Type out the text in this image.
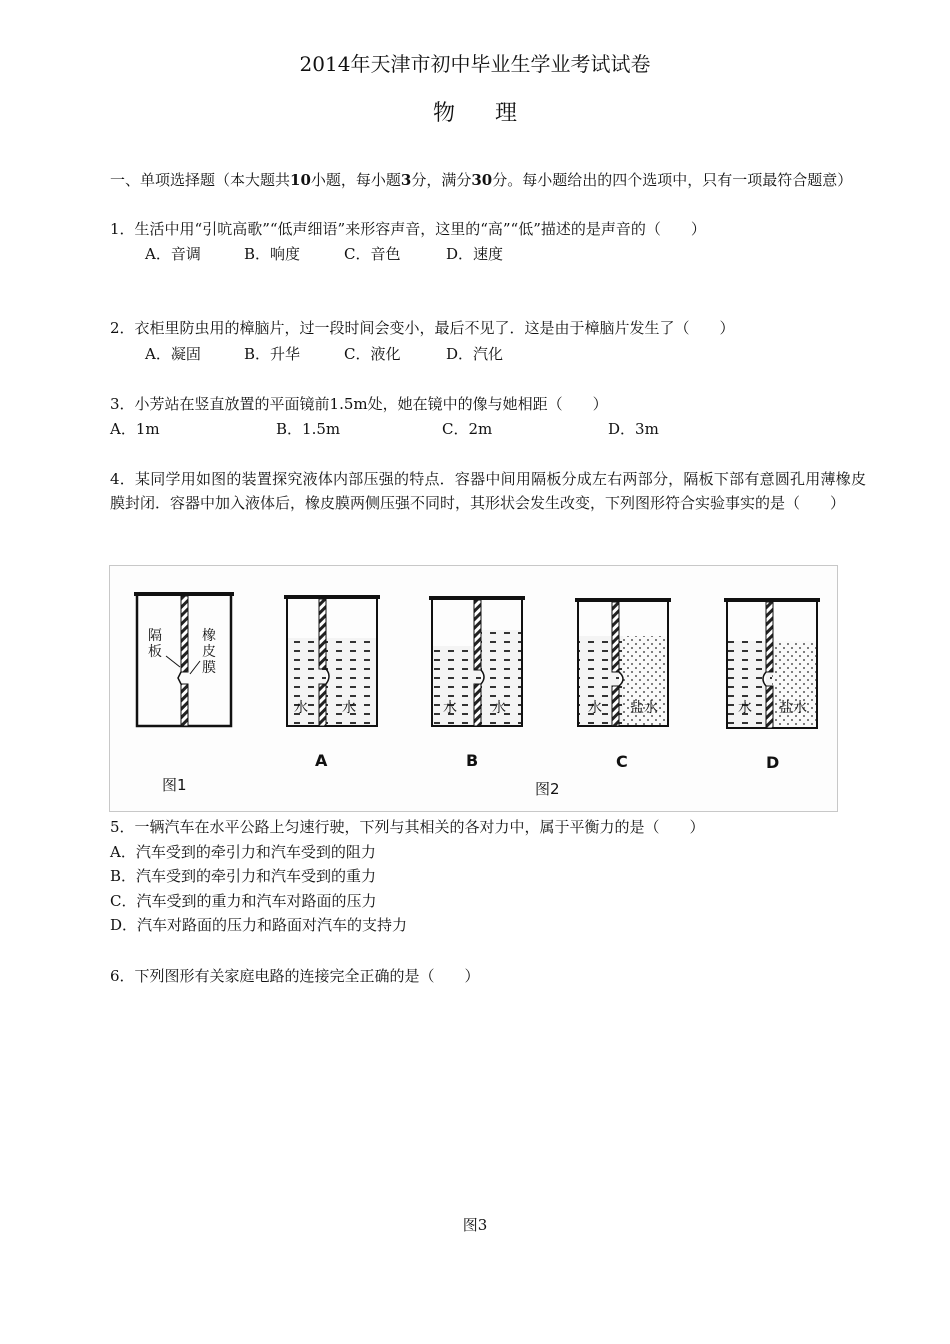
2014年天津市初中毕业生学业考试试卷
物理
一、单项选择题（本大题共10小题，每小题3分，满分30分。每小题给出的四个选项中，只有一项最符合题意）
1．生活中用“引吭高歌”“低声细语”来形容声音，这里的“高”“低”描述的是声音的（　　）
A．音调	B．响度	C．音色	D．速度
2．衣柜里防虫用的樟脑片，过一段时间会变小，最后不见了．这是由于樟脑片发生了（　　）
A．凝固	B．升华	C．液化	D．汽化
3．小芳站在竖直放置的平面镜前1.5m处，她在镜中的像与她相距（　　）
A．1m	B．1.5m	C．2m	D．3m
4．某同学用如图的装置探究液体内部压强的特点．容器中间用隔板分成左右两部分，隔板下部有意圆孔用薄橡皮膜封闭．容器中加入液体后，橡皮膜两侧压强不同时，其形状会发生改变，下列图形符合实验事实的是（　　）
隔板
橡皮膜
水 水	水	水	水 盐水	水 盐水
A	B	C	D
图1	图2
5．一辆汽车在水平公路上匀速行驶，下列与其相关的各对力中，属于平衡力的是（　　）
A．汽车受到的牵引力和汽车受到的阻力
B．汽车受到的牵引力和汽车受到的重力
C．汽车受到的重力和汽车对路面的压力
D．汽车对路面的压力和路面对汽车的支持力
6．下列图形有关家庭电路的连接完全正确的是（　　）
图3
